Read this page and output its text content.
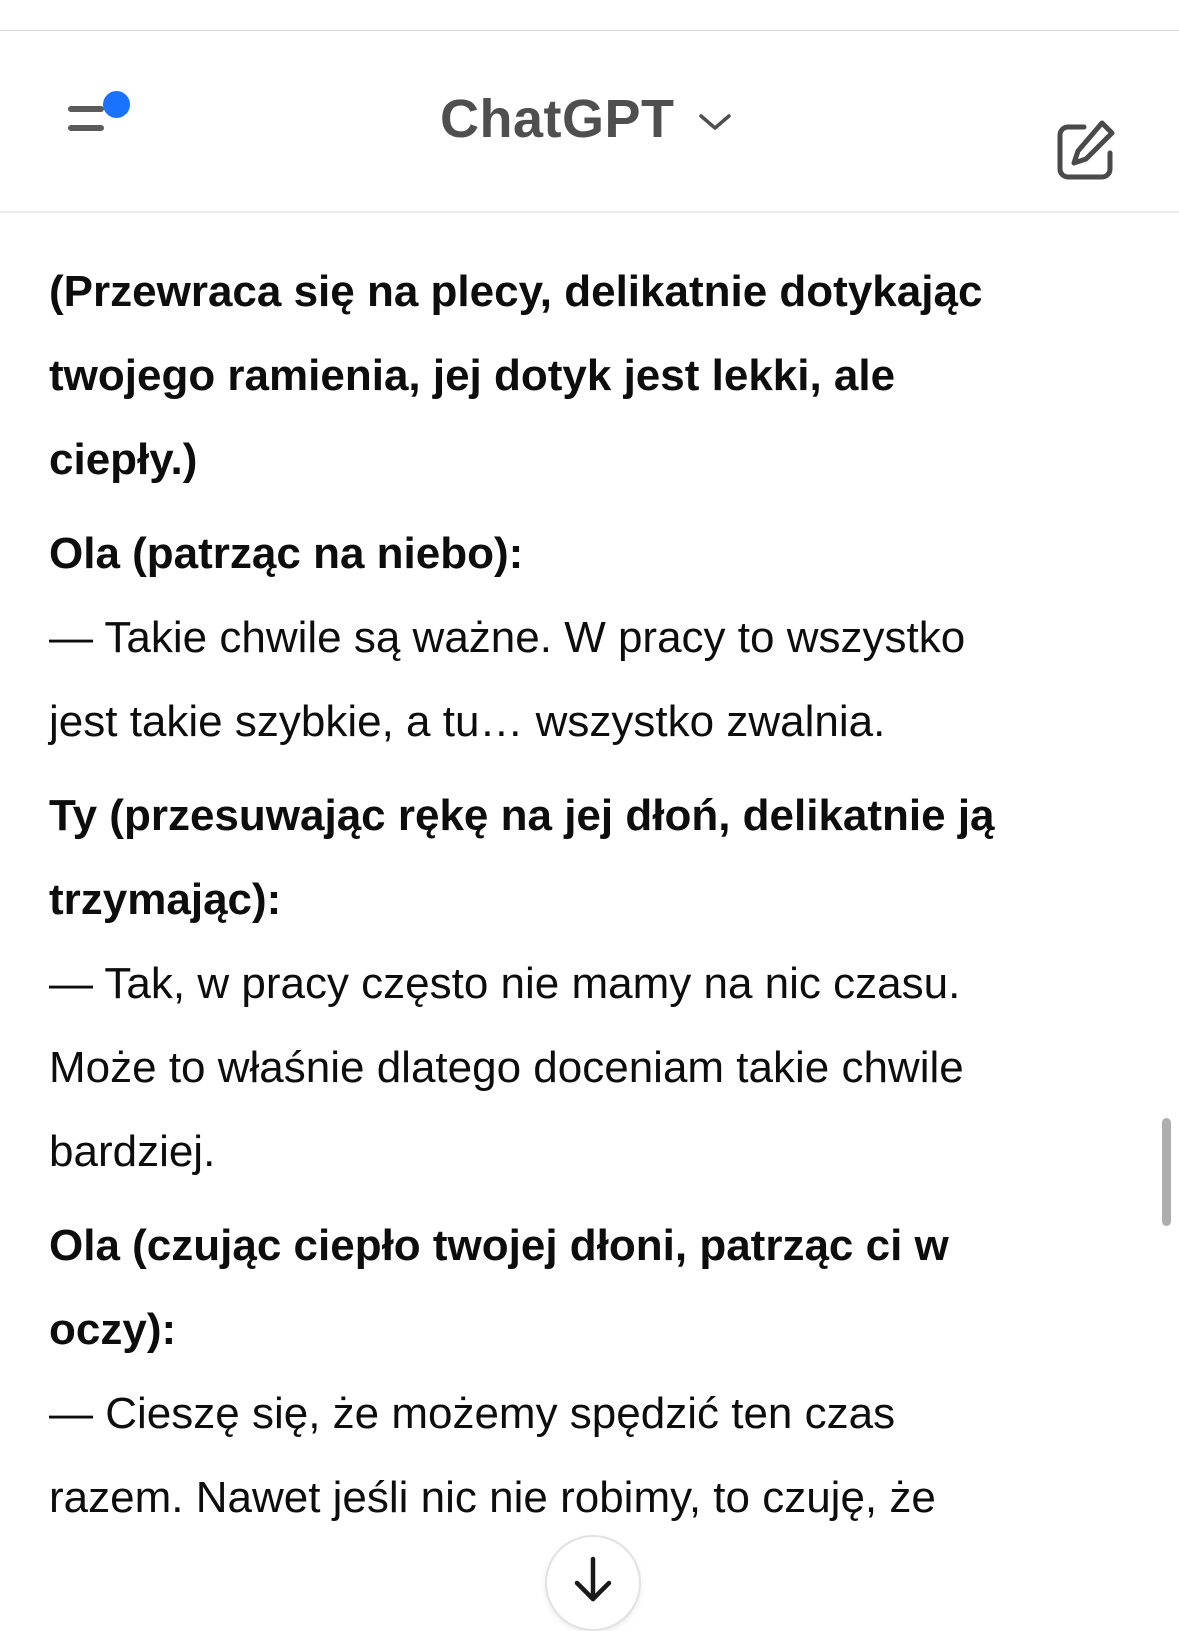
ChatGPT

(Przewraca się na plecy, delikatnie dotykając
twojego ramienia, jej dotyk jest lekki, ale
ciepły.)

Ola (patrząc na niebo):
— Takie chwile są ważne. W pracy to wszystko
jest takie szybkie, a tu… wszystko zwalnia.
Ty (przesuwając rękę na jej dłoń, delikatnie ją
trzymając):
— Tak, w pracy często nie mamy na nic czasu.
Może to właśnie dlatego doceniam takie chwile
bardziej.
Ola (czując ciepło twojej dłoni, patrząc ci w
oczy):
— Cieszę się, że możemy spędzić ten czas
razem. Nawet jeśli nic nie robimy, to czuję, że
